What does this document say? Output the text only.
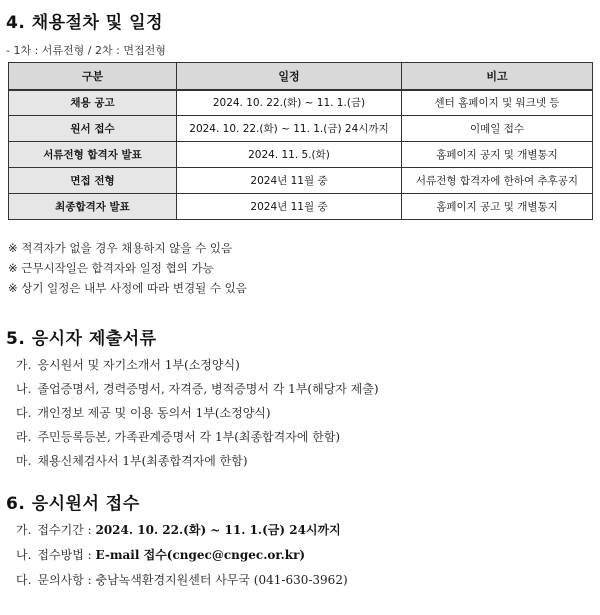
4. 채용절차 및 일정
- 1차 : 서류전형 / 2차 : 면접전형
구분	일정	비고
채용 공고	2024. 10. 22.(화) ~ 11. 1.(금)	센터 홈페이지 및 워크넷 등
원서 접수	2024. 10. 22.(화) ~ 11. 1.(금) 24시까지	이메일 접수
서류전형 합격자 발표	2024. 11. 5.(화)	홈페이지 공지 및 개별통지
면접 전형	2024년 11월 중	서류전형 합격자에 한하여 추후공지
최종합격자 발표	2024년 11월 중	홈페이지 공고 및 개별통지
※ 적격자가 없을 경우 채용하지 않을 수 있음
※ 근무시작일은 합격자와 일정 협의 가능
※ 상기 일정은 내부 사정에 따라 변경될 수 있음
5. 응시자 제출서류
가. 응시원서 및 자기소개서 1부(소정양식)
나. 졸업증명서, 경력증명서, 자격증, 병적증명서 각 1부(해당자 제출)
다. 개인정보 제공 및 이용 동의서 1부(소정양식)
라. 주민등록등본, 가족관계증명서 각 1부(최종합격자에 한함)
마. 채용신체검사서 1부(최종합격자에 한함)
6. 응시원서 접수
가. 접수기간 : 2024. 10. 22.(화) ~ 11. 1.(금) 24시까지
나. 접수방법 : E-mail 접수(cngec@cngec.or.kr)
다. 문의사항 : 충남녹색환경지원센터 사무국 (041-630-3962)
